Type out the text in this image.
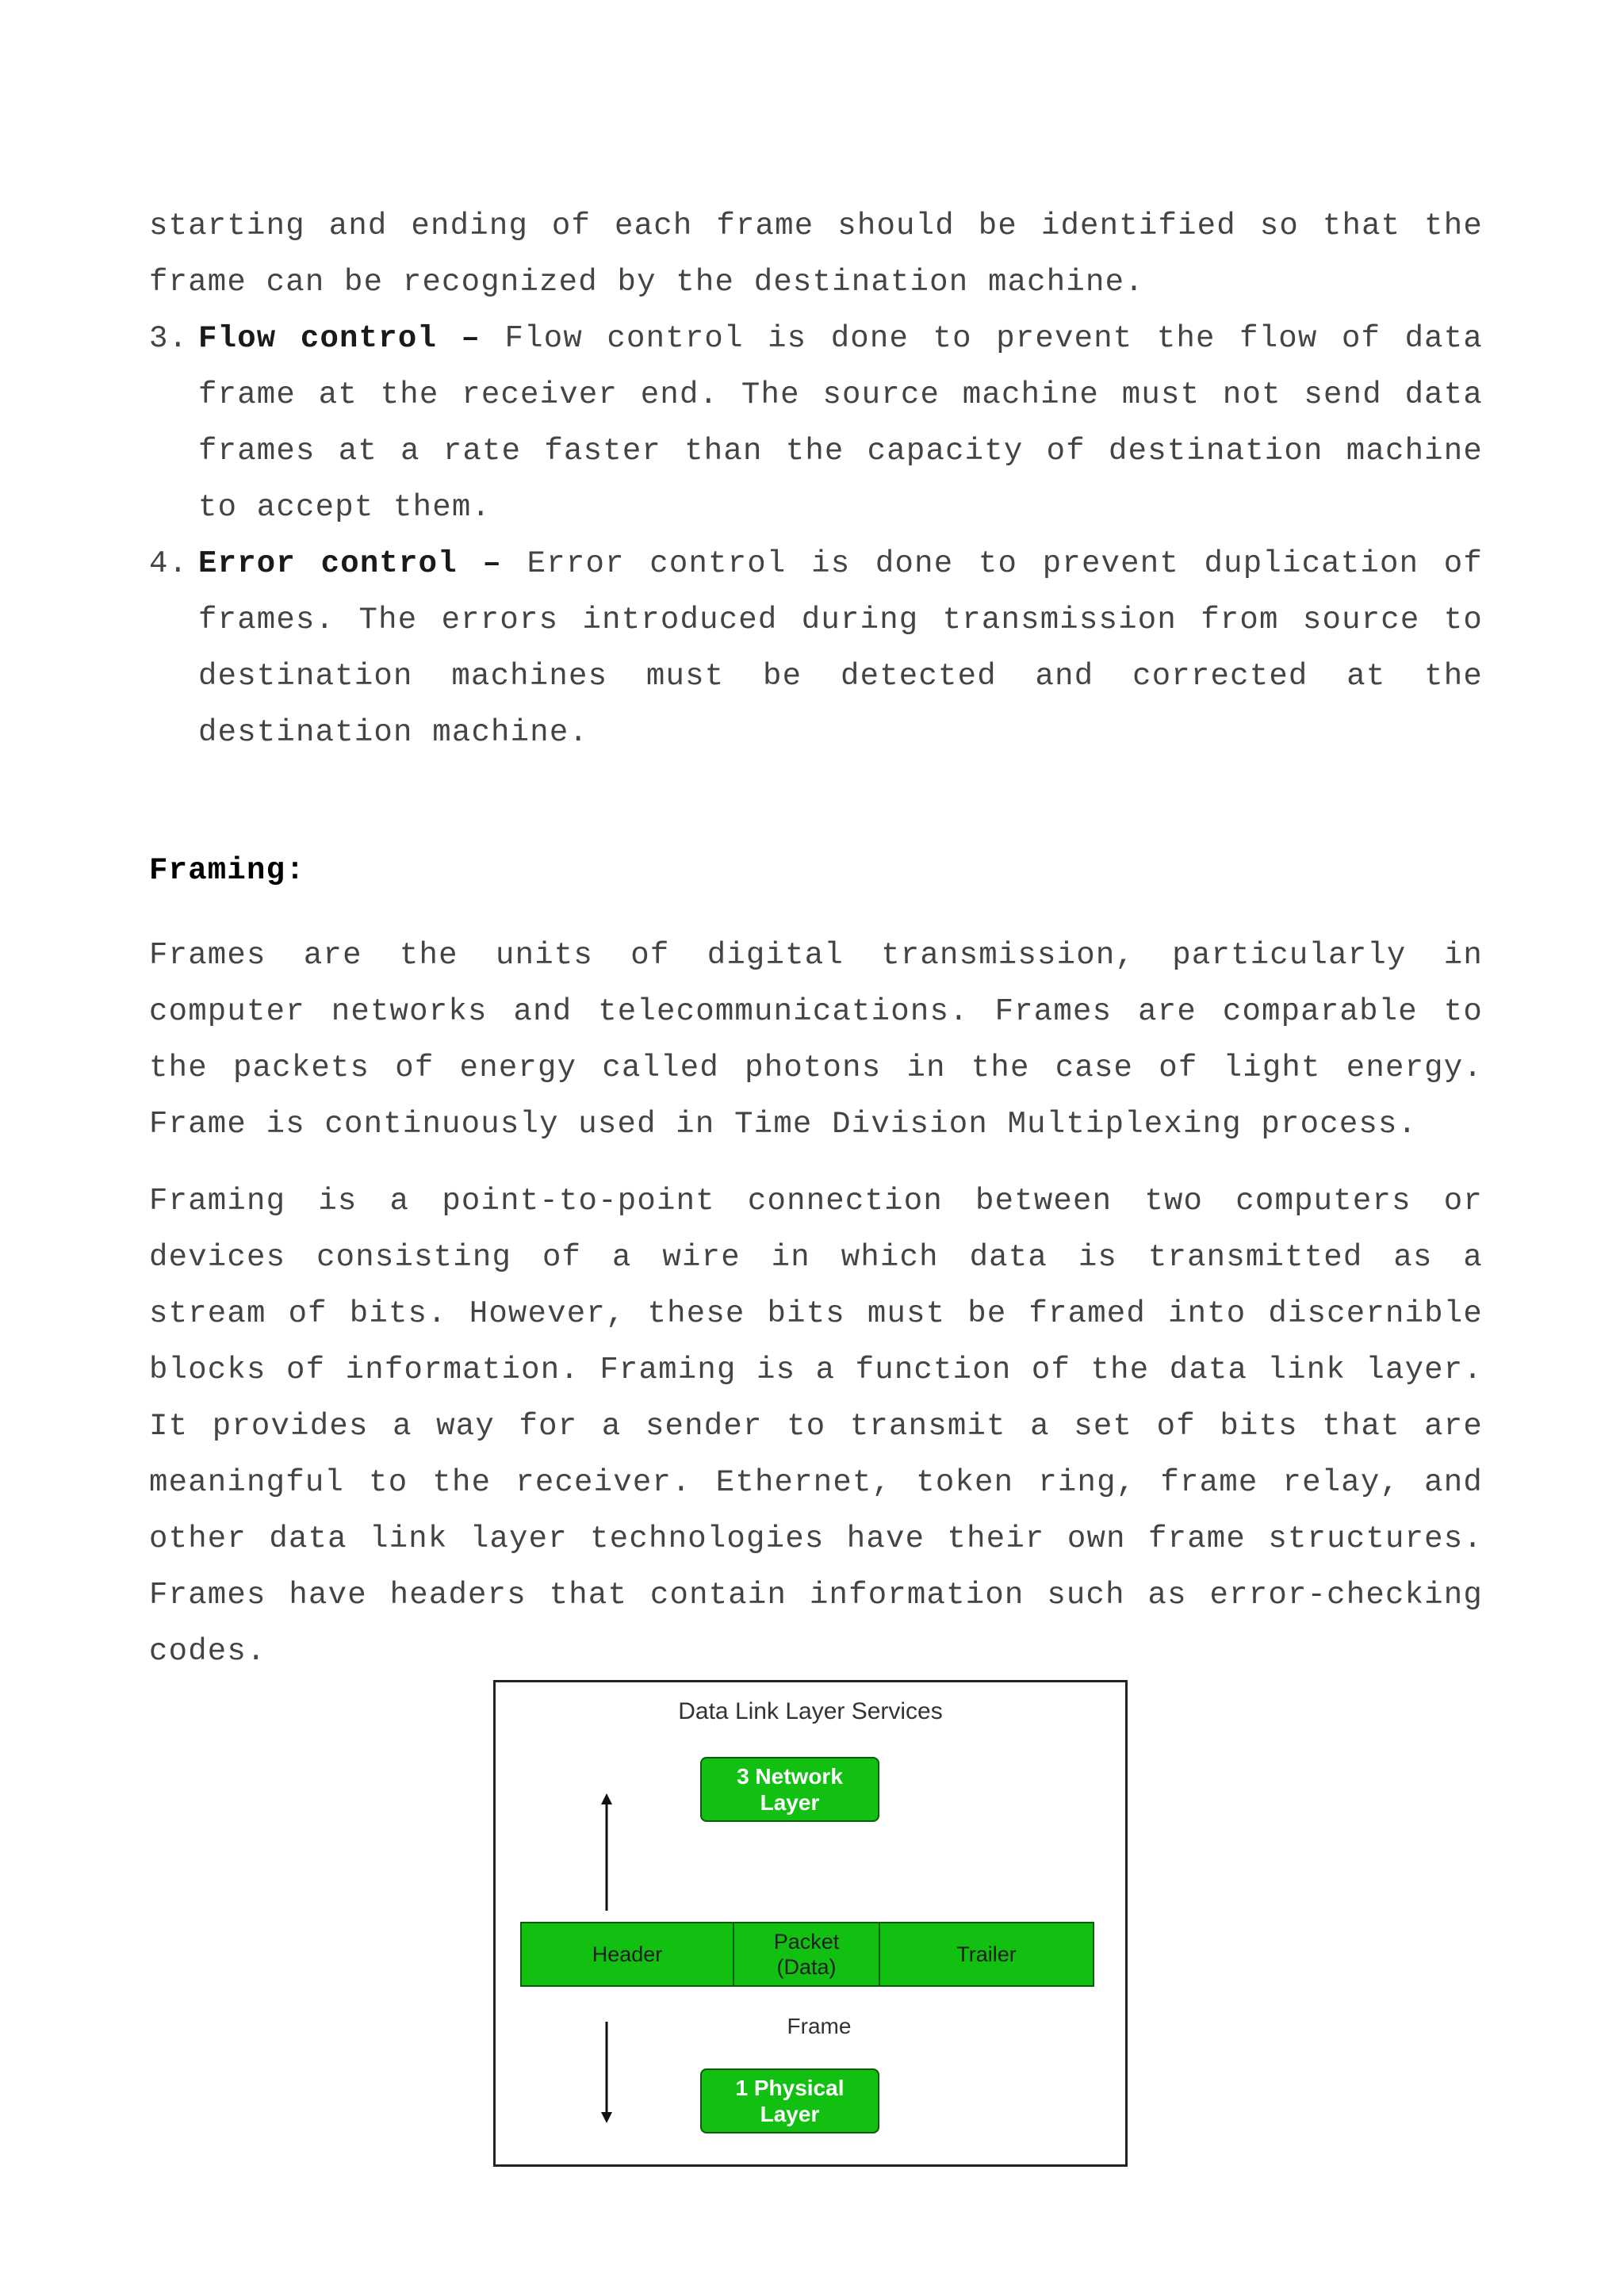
starting and ending of each frame should be identified so that the frame can be recognized by the destination machine.

3. Flow control – Flow control is done to prevent the flow of data frame at the receiver end. The source machine must not send data frames at a rate faster than the capacity of destination machine to accept them.
4. Error control – Error control is done to prevent duplication of frames. The errors introduced during transmission from source to destination machines must be detected and corrected at the destination machine.

Framing:

Frames are the units of digital transmission, particularly in computer networks and telecommunications. Frames are comparable to the packets of energy called photons in the case of light energy. Frame is continuously used in Time Division Multiplexing process.

Framing is a point-to-point connection between two computers or devices consisting of a wire in which data is transmitted as a stream of bits. However, these bits must be framed into discernible blocks of information. Framing is a function of the data link layer. It provides a way for a sender to transmit a set of bits that are meaningful to the receiver. Ethernet, token ring, frame relay, and other data link layer technologies have their own frame structures. Frames have headers that contain information such as error-checking codes.

Data Link Layer Services
3 Network
Layer
Header
Packet
(Data)
Trailer
Frame
1 Physical
Layer
